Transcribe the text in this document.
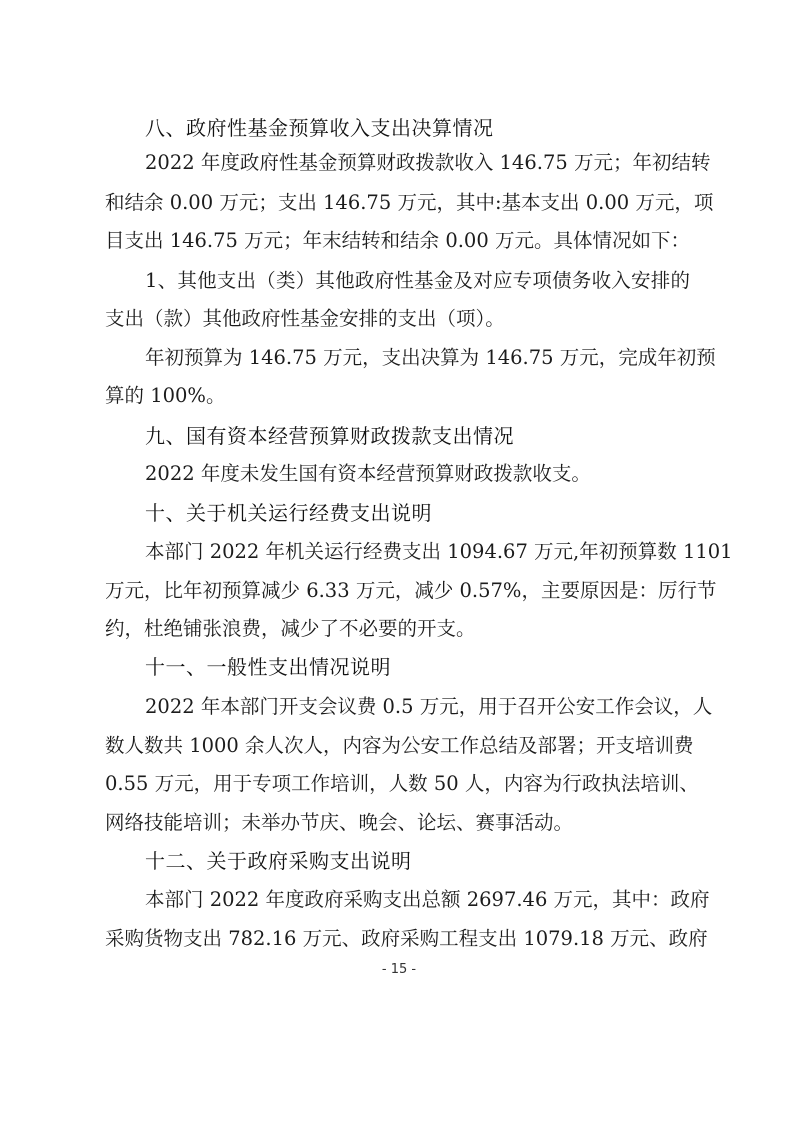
八、政府性基金预算收入支出决算情况
2022 年度政府性基金预算财政拨款收入 146.75 万元；年初结转
和结余 0.00 万元；支出 146.75 万元，其中:基本支出 0.00 万元，项
目支出 146.75 万元；年末结转和结余 0.00 万元。具体情况如下：
1、其他支出（类）其他政府性基金及对应专项债务收入安排的
支出（款）其他政府性基金安排的支出（项）。
年初预算为 146.75 万元，支出决算为 146.75 万元，完成年初预
算的 100%。
九、国有资本经营预算财政拨款支出情况
2022 年度未发生国有资本经营预算财政拨款收支。
十、关于机关运行经费支出说明
本部门 2022 年机关运行经费支出 1094.67 万元,年初预算数 1101
万元，比年初预算减少 6.33 万元，减少 0.57%，主要原因是：厉行节
约，杜绝铺张浪费，减少了不必要的开支。
十一、一般性支出情况说明
2022 年本部门开支会议费 0.5 万元，用于召开公安工作会议，人
数人数共 1000 余人次人，内容为公安工作总结及部署；开支培训费
0.55 万元，用于专项工作培训，人数 50 人，内容为行政执法培训、
网络技能培训；未举办节庆、晚会、论坛、赛事活动。
十二、关于政府采购支出说明
本部门 2022 年度政府采购支出总额 2697.46 万元，其中：政府
采购货物支出 782.16 万元、政府采购工程支出 1079.18 万元、政府
- 15 -
